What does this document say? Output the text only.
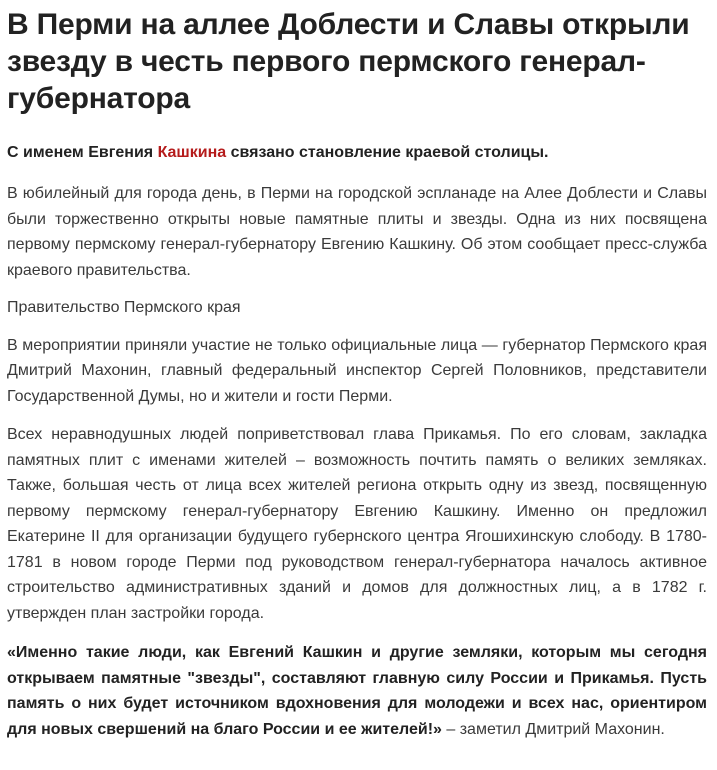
В Перми на аллее Доблести и Славы открыли звезду в честь первого пермского генерал-губернатора
С именем Евгения Кашкина связано становление краевой столицы.

В юбилейный для города день, в Перми на городской эспланаде на Алее Доблести и Славы были торжественно открыты новые памятные плиты и звезды. Одна из них посвящена первому пермскому генерал-губернатору Евгению Кашкину. Об этом сообщает пресс-служба краевого правительства.

Правительство Пермского края

В мероприятии приняли участие не только официальные лица — губернатор Пермского края Дмитрий Махонин, главный федеральный инспектор Сергей Половников, представители Государственной Думы, но и жители и гости Перми.

Всех неравнодушных людей поприветствовал глава Прикамья. По его словам, закладка памятных плит с именами жителей – возможность почтить память о великих земляках. Также, большая честь от лица всех жителей региона открыть одну из звезд, посвященную первому пермскому генерал-губернатору Евгению Кашкину. Именно он предложил Екатерине II для организации будущего губернского центра Ягошихинскую слободу. В 1780-1781 в новом городе Перми под руководством генерал-губернатора началось активное строительство административных зданий и домов для должностных лиц, а в 1782 г. утвержден план застройки города.

«Именно такие люди, как Евгений Кашкин и другие земляки, которым мы сегодня открываем памятные "звезды", составляют главную силу России и Прикамья. Пусть память о них будет источником вдохновения для молодежи и всех нас, ориентиром для новых свершений на благо России и ее жителей!» – заметил Дмитрий Махонин.
